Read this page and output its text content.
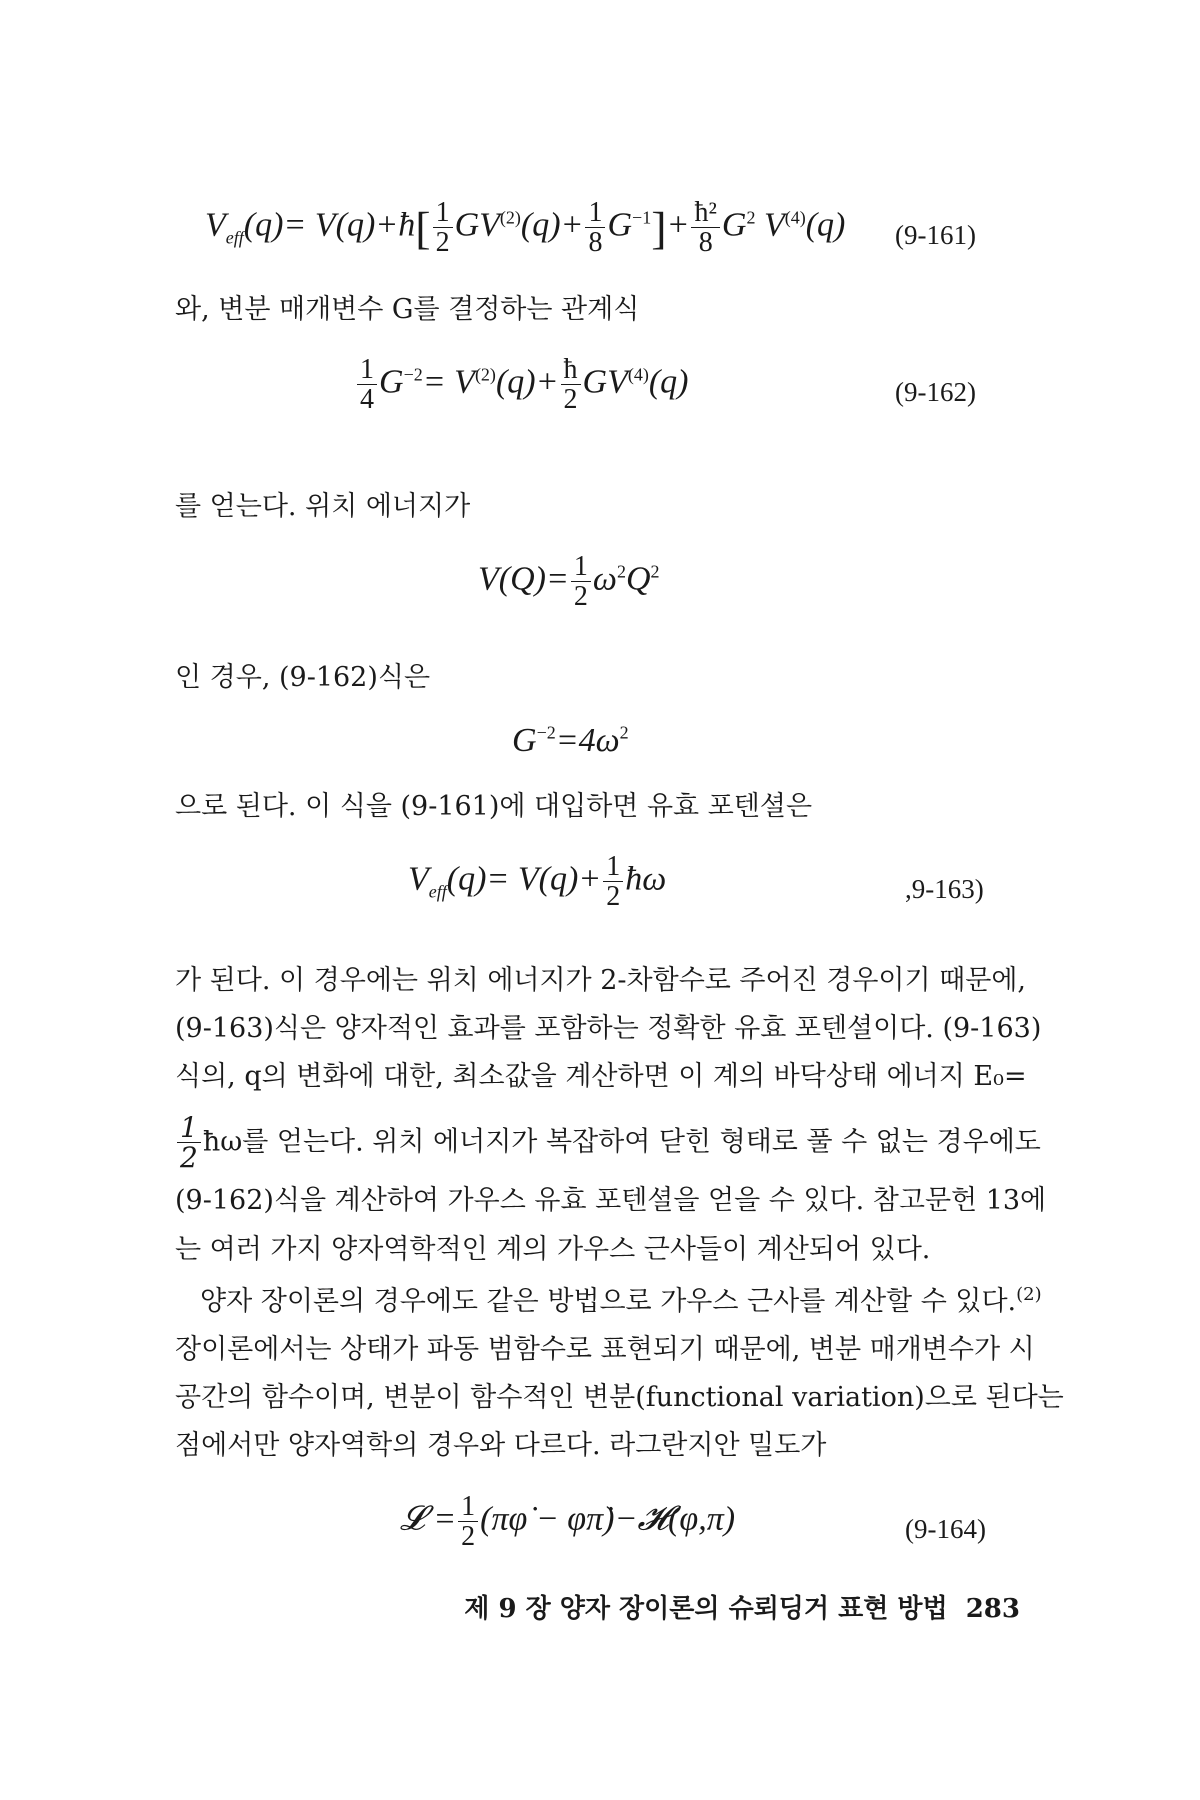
$V_{eff}(q)=$ V(q)+ħ[ $\frac{1}{2} GV^{(2)}(q)+ \frac{1}{8} G^{-1}]+ \frac{\text{ħ²}}{8} G^2$ $V^{(4)}(q)$ (9-161)
와, 변분 매개변수 G를 결정하는 관계식
$\frac{1}{4} G^{-2}= V^{(2)}(q)+ \frac{ħ}{2} GV^{(4)}(q)$	(9-162)
를 얻는다. 위치 에너지가
$V(Q)= \frac{1}{2} \omega^2Q^2$
인 경우, (9-162)식은
$G^{-2}=4\omega^2$
으로 된다. 이 식을 (9-161)에 대입하면 유효 포텐셜은
$V_{eff}(q)= V(q)+ \frac{1}{2}$ ħω	,9-163)
가 된다. 이 경우에는 위치 에너지가 2-차함수로 주어진 경우이기 때문에,
(9-163)식은 양자적인 효과를 포함하는 정확한 유효 포텐셜이다. (9-163)
식의, q의 변화에 대한, 최소값을 계산하면 이 계의 바닥상태 에너지 E₀=
$\frac{1}{2}$ ħω를 얻는다. 위치 에너지가 복잡하여 닫힌 형태로 풀 수 없는 경우에도
(9-162)식을 계산하여 가우스 유효 포텐셜을 얻을 수 있다. 참고문헌 13에
는 여러 가지 양자역학적인 계의 가우스 근사들이 계산되어 있다.
양자 장이론의 경우에도 같은 방법으로 가우스 근사를 계산할 수 있다.$^{(2)}$
장이론에서는 상태가 파동 범함수로 표현되기 때문에, 변분 매개변수가 시
공간의 함수이며, 변분이 함수적인 변분(functional variation)으로 된다는
점에서만 양자역학의 경우와 다르다. 라그란지안 밀도가
𝓛 = $\frac{1}{2}$ (πφ̇ − φπ̇)−𝓗(φ,π)	(9-164)
제 9 장 양자 장이론의 슈뢰딩거 표현 방법 283
